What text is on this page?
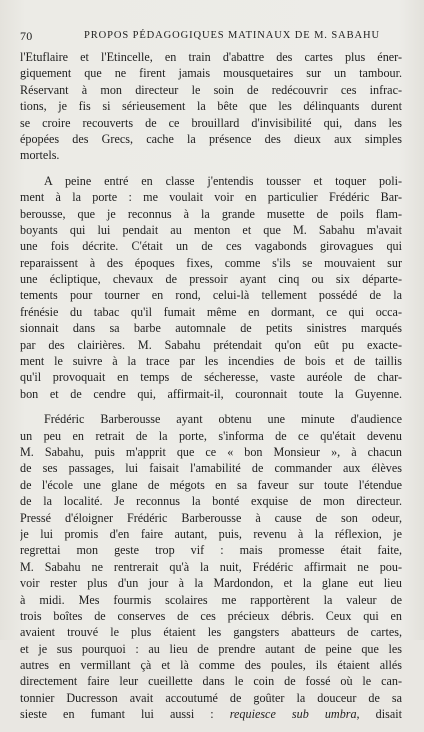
70	PROPOS PÉDAGOGIQUES MATINAUX DE M. SABAHU

l'Etuflaire et l'Etincelle, en train d'abattre des cartes plus éner-
giquement que ne firent jamais mousquetaires sur un tambour.
Réservant à mon directeur le soin de redécouvrir ces infrac-
tions, je fis si sérieusement la bête que les délinquants durent
se croire recouverts de ce brouillard d'invisibilité qui, dans les
épopées des Grecs, cache la présence des dieux aux simples
mortels.

A peine entré en classe j'entendis tousser et toquer poli-
ment à la porte : me voulait voir en particulier Frédéric Bar-
berousse, que je reconnus à la grande musette de poils flam-
boyants qui lui pendait au menton et que M. Sabahu m'avait
une fois décrite. C'était un de ces vagabonds girovagues qui
reparaissent à des époques fixes, comme s'ils se mouvaient sur
une écliptique, chevaux de pressoir ayant cinq ou six départe-
tements pour tourner en rond, celui-là tellement possédé de la
frénésie du tabac qu'il fumait même en dormant, ce qui occa-
sionnait dans sa barbe automnale de petits sinistres marqués
par des clairières. M. Sabahu prétendait qu'on eût pu exacte-
ment le suivre à la trace par les incendies de bois et de taillis
qu'il provoquait en temps de sécheresse, vaste auréole de char-
bon et de cendre qui, affirmait-il, couronnait toute la Guyenne.

Frédéric Barberousse ayant obtenu une minute d'audience
un peu en retrait de la porte, s'informa de ce qu'était devenu
M. Sabahu, puis m'apprit que ce « bon Monsieur », à chacun
de ses passages, lui faisait l'amabilité de commander aux élèves
de l'école une glane de mégots en sa faveur sur toute l'étendue
de la localité. Je reconnus la bonté exquise de mon directeur.
Pressé d'éloigner Frédéric Barberousse à cause de son odeur,
je lui promis d'en faire autant, puis, revenu à la réflexion, je
regrettai mon geste trop vif : mais promesse était faite,
M. Sabahu ne rentrerait qu'à la nuit, Frédéric affirmait ne pou-
voir rester plus d'un jour à la Mardondon, et la glane eut lieu
à midi. Mes fourmis scolaires me rapportèrent la valeur de
trois boîtes de conserves de ces précieux débris. Ceux qui en
avaient trouvé le plus étaient les gangsters abatteurs de cartes,
et je sus pourquoi : au lieu de prendre autant de peine que les
autres en vermillant çà et là comme des poules, ils étaient allés
directement faire leur cueillette dans le coin de fossé où le can-
tonnier Ducresson avait accoutumé de goûter la douceur de sa
sieste en fumant lui aussi : requiesce sub umbra, disait
